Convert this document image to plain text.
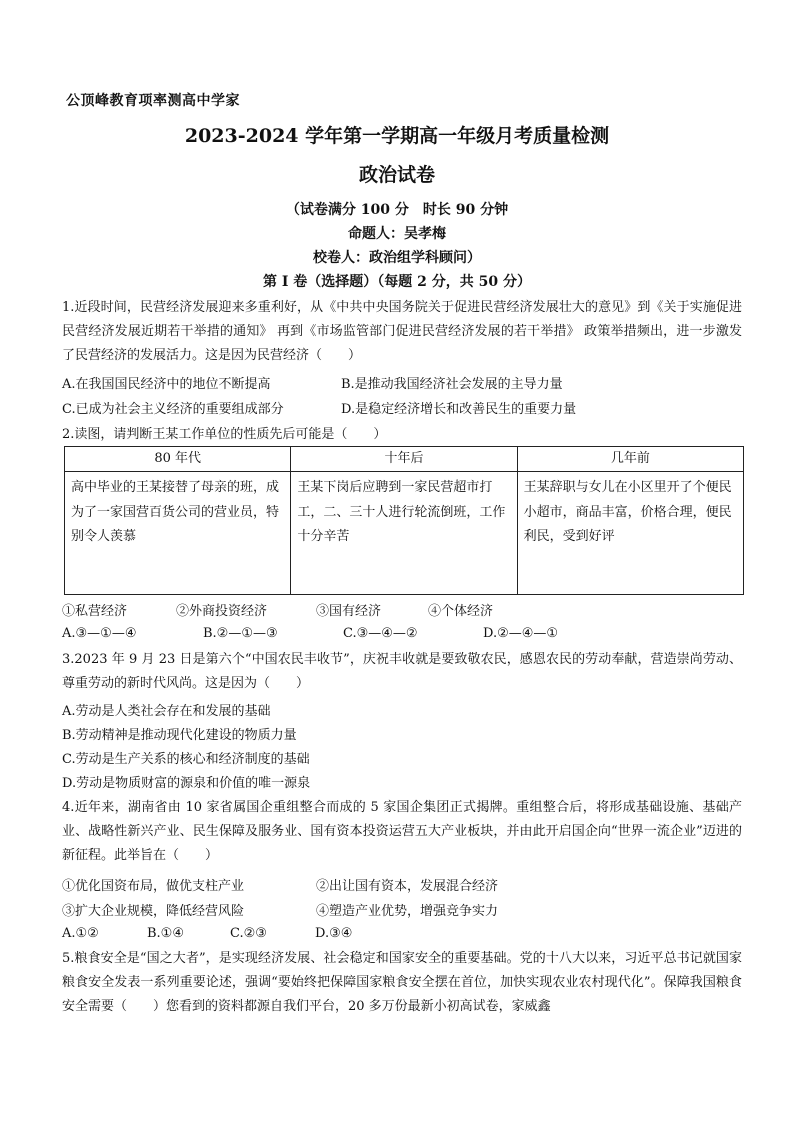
公顶峰教育项率测高中学家
2023-2024 学年第一学期高一年级月考质量检测
政治试卷
（试卷满分 100 分　时长 90 分钟
命题人：吴孝梅
校卷人：政治组学科顾问）
第 I 卷（选择题）（每题 2 分，共 50 分）
1.近段时间，民营经济发展迎来多重利好，从《中共中央国务院关于促进民营经济发展壮大的意见》到《关于实施促进民营经济发展近期若干举措的通知》 再到《市场监管部门促进民营经济发展的若干举措》 政策举措频出，进一步激发了民营经济的发展活力。这是因为民营经济（　　）
A.在我国国民经济中的地位不断提高	B.是推动我国经济社会发展的主导力量
C.已成为社会主义经济的重要组成部分	D.是稳定经济增长和改善民生的重要力量
2.读图，请判断王某工作单位的性质先后可能是（　　）
80 年代	十年后	几年前
高中毕业的王某接替了母亲的班，成为了一家国营百货公司的营业员，特别令人羡慕	王某下岗后应聘到一家民营超市打工，二、三十人进行轮流倒班，工作十分辛苦	王某辞职与女儿在小区里开了个便民小超市，商品丰富，价格合理，便民利民，受到好评
①私营经济	②外商投资经济	③国有经济	④个体经济
A.③—①—④	B.②—①—③	C.③—④—②	D.②—④—①
3.2023 年 9 月 23 日是第六个“中国农民丰收节”，庆祝丰收就是要致敬农民，感恩农民的劳动奉献，营造崇尚劳动、尊重劳动的新时代风尚。这是因为（　　）
A.劳动是人类社会存在和发展的基础
B.劳动精神是推动现代化建设的物质力量
C.劳动是生产关系的核心和经济制度的基础
D.劳动是物质财富的源泉和价值的唯一源泉
4.近年来，湖南省由 10 家省属国企重组整合而成的 5 家国企集团正式揭牌。重组整合后，将形成基础设施、基础产业、战略性新兴产业、民生保障及服务业、国有资本投资运营五大产业板块，并由此开启国企向“世界一流企业”迈进的新征程。此举旨在（　　）
①优化国资布局，做优支柱产业	②出让国有资本，发展混合经济
③扩大企业规模，降低经营风险	④塑造产业优势，增强竞争实力
A.①②	B.①④	C.②③	D.③④
5.粮食安全是“国之大者”，是实现经济发展、社会稳定和国家安全的重要基础。党的十八大以来，习近平总书记就国家粮食安全发表一系列重要论述，强调“要始终把保障国家粮食安全摆在首位，加快实现农业农村现代化”。保障我国粮食安全需要（　　）您看到的资料都源自我们平台，20 多万份最新小初高试卷，家威鑫
